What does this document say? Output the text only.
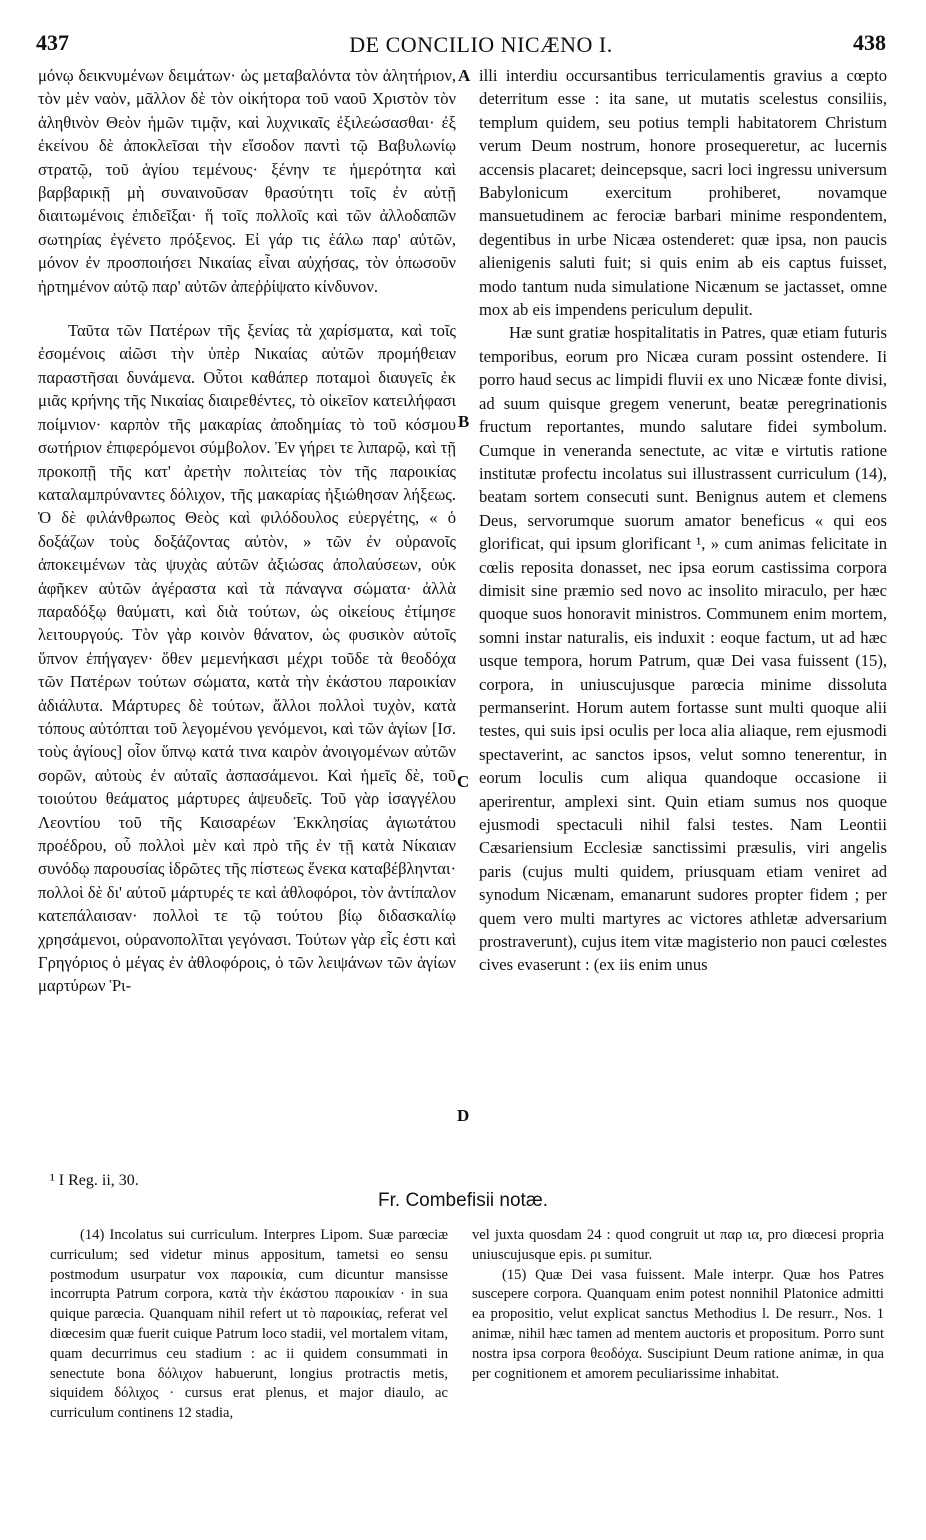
437	DE CONCILIO NICÆNO I.	438

μόνῳ δεικνυμένων δειμάτων· ὡς μεταβαλόντα τὸν ἀλητήριον, τὸν μὲν ναὸν, μᾶλλον δὲ τὸν οἰκήτορα τοῦ ναοῦ Χριστὸν τὸν ἀληθινὸν Θεὸν ἡμῶν τιμᾷν, καὶ λυχνικαῖς ἐξιλεώσασθαι· ἐξ ἐκείνου δὲ ἀποκλεῖσαι τὴν εἴσοδον παντὶ τῷ Βαβυλωνίῳ στρατῷ, τοῦ ἁγίου τεμένους· ξένην τε ἡμερότητα καὶ βαρβαρικῇ μὴ συναινοῦσαν θρασύτητι τοῖς ἐν αὐτῇ διαιτωμένοις ἐπιδεῖξαι· ἥ τοῖς πολλοῖς καὶ τῶν ἀλλοδαπῶν σωτηρίας ἐγένετο πρόξενος. Εἰ γάρ τις ἑάλω παρ' αὐτῶν, μόνον ἐν προσποιήσει Νικαίας εἶναι αὐχήσας, τὸν ὁπωσοῦν ἠρτημένον αὐτῷ παρ' αὐτῶν ἀπεῤῥίψατο κίνδυνον.

Ταῦτα τῶν Πατέρων τῆς ξενίας τὰ χαρίσματα, καὶ τοῖς ἐσομένοις αἰῶσι τὴν ὑπὲρ Νικαίας αὐτῶν προμήθειαν παραστῆσαι δυνάμενα. Οὗτοι καθάπερ ποταμοὶ διαυγεῖς ἐκ μιᾶς κρήνης τῆς Νικαίας διαιρεθέντες, τὸ οἰκεῖον κατειλήφασι ποίμνιον· καρπὸν τῆς μακαρίας ἀποδημίας τὸ τοῦ κόσμου σωτήριον ἐπιφερόμενοι σύμβολον. Ἐν γήρει τε λιπαρῷ, καὶ τῇ προκοπῇ τῆς κατ' ἀρετὴν πολιτείας τὸν τῆς παροικίας καταλαμπρύναντες δόλιχον, τῆς μακαρίας ἠξιώθησαν λήξεως. Ὁ δὲ φιλάνθρωπος Θεὸς καὶ φιλόδουλος εὐεργέτης, « ὁ δοξάζων τοὺς δοξάζοντας αὐτὸν, » τῶν ἐν οὐρανοῖς ἀποκειμένων τὰς ψυχὰς αὐτῶν ἀξιώσας ἀπολαύσεων, οὐκ ἀφῆκεν αὐτῶν ἀγέραστα καὶ τὰ πάναγνα σώματα· ἀλλὰ παραδόξῳ θαύματι, καὶ διὰ τούτων, ὡς οἰκείους ἐτίμησε λειτουργούς. Τὸν γὰρ κοινὸν θάνατον, ὡς φυσικὸν αὐτοῖς ὕπνον ἐπήγαγεν· ὅθεν μεμενήκασι μέχρι τοῦδε τὰ θεοδόχα τῶν Πατέρων τούτων σώματα, κατὰ τὴν ἑκάστου παροικίαν ἀδιάλυτα. Μάρτυρες δὲ τούτων, ἄλλοι πολλοὶ τυχὸν, κατὰ τόπους αὐτόπται τοῦ λεγομένου γενόμενοι, καὶ τῶν ἁγίων [Ισ. τοὺς ἁγίους] οἷον ὕπνῳ κατά τινα καιρὸν ἀνοιγομένων αὐτῶν σορῶν, αὐτοὺς ἐν αὐταῖς ἀσπασάμενοι. Καὶ ἡμεῖς δὲ, τοῦ τοιούτου θεάματος μάρτυρες ἀψευδεῖς. Τοῦ γὰρ ἰσαγγέλου Λεοντίου τοῦ τῆς Καισαρέων Ἐκκλησίας ἁγιωτάτου προέδρου, οὗ πολλοὶ μὲν καὶ πρὸ τῆς ἐν τῇ κατὰ Νίκαιαν συνόδῳ παρουσίας ἱδρῶτες τῆς πίστεως ἕνεκα καταβέβληνται· πολλοὶ δὲ δι' αὐτοῦ μάρτυρές τε καὶ ἀθλοφόροι, τὸν ἀντίπαλον κατεπάλαισαν· πολλοὶ τε τῷ τούτου βίῳ διδασκαλίῳ χρησάμενοι, οὐρανοπολῖται γεγόνασι. Τούτων γὰρ εἷς ἐστι καὶ Γρηγόριος ὁ μέγας ἐν ἀθλοφόροις, ὁ τῶν λειψάνων τῶν ἁγίων μαρτύρων Ῥι-

A
B
C
D

illi interdiu occursantibus terriculamentis gravius a cœpto deterritum esse : ita sane, ut mutatis scelestus consiliis, templum quidem, seu potius templi habitatorem Christum verum Deum nostrum, honore prosequeretur, ac lucernis accensis placaret; deincepsque, sacri loci ingressu universum Babylonicum exercitum prohiberet, novamque mansuetudinem ac ferociæ barbari minime respondentem, degentibus in urbe Nicæa ostenderet: quæ ipsa, non paucis alienigenis saluti fuit; si quis enim ab eis captus fuisset, modo tantum nuda simulatione Nicænum se jactasset, omne mox ab eis impendens periculum depulit.

Hæ sunt gratiæ hospitalitatis in Patres, quæ etiam futuris temporibus, eorum pro Nicæa curam possint ostendere. Ii porro haud secus ac limpidi fluvii ex uno Nicææ fonte divisi, ad suum quisque gregem venerunt, beatæ peregrinationis fructum reportantes, mundo salutare fidei symbolum. Cumque in veneranda senectute, ac vitæ e virtutis ratione institutæ profectu incolatus sui illustrassent curriculum (14), beatam sortem consecuti sunt. Benignus autem et clemens Deus, servorumque suorum amator beneficus « qui eos glorificat, qui ipsum glorificant ¹, » cum animas felicitate in cœlis reposita donasset, nec ipsa eorum castissima corpora dimisit sine præmio sed novo ac insolito miraculo, per hæc quoque suos honoravit ministros. Communem enim mortem, somni instar naturalis, eis induxit : eoque factum, ut ad hæc usque tempora, horum Patrum, quæ Dei vasa fuissent (15), corpora, in uniuscujusque parœcia minime dissoluta permanserint. Horum autem fortasse sunt multi quoque alii testes, qui suis ipsi oculis per loca alia aliaque, rem ejusmodi spectaverint, ac sanctos ipsos, velut somno tenerentur, in eorum loculis cum aliqua quandoque occasione ii aperirentur, amplexi sint. Quin etiam sumus nos quoque ejusmodi spectaculi nihil falsi testes. Nam Leontii Cæsariensium Ecclesiæ sanctissimi præsulis, viri angelis paris (cujus multi quidem, priusquam etiam veniret ad synodum Nicænam, emanarunt sudores propter fidem ; per quem vero multi martyres ac victores athletæ adversarium prostraverunt), cujus item vitæ magisterio non pauci cœlestes cives evaserunt : (ex iis enim unus

¹ I Reg. ii, 30.
Fr. Combefisii notæ.

(14) Incolatus sui curriculum. Interpres Lipom. Suæ parœciæ curriculum; sed videtur minus appositum, tametsi eo sensu postmodum usurpatur vox παροικία, cum dicuntur mansisse incorrupta Patrum corpora, κατὰ τὴν ἑκάστου παροικίαν · in sua quique parœcia. Quanquam nihil refert ut τὸ παροικίας, referat vel diœcesim quæ fuerit cuique Patrum loco stadii, vel mortalem vitam, quam decurrimus ceu stadium : ac ii quidem consummati in senectute bona δόλιχον habuerunt, longius protractis metis, siquidem δόλιχος · cursus erat plenus, et major diaulo, ac curriculum continens 12 stadia,

vel juxta quosdam 24 : quod congruit ut παρ ια, pro diœcesi propria uniuscujusque epis. ρι sumitur.

(15) Quæ Dei vasa fuissent. Male interpr. Quæ hos Patres suscepere corpora. Quanquam enim potest nonnihil Platonice admitti ea propositio, velut explicat sanctus Methodius l. De resurr., Nos. 1 animæ, nihil hæc tamen ad mentem auctoris et propositum. Porro sunt nostra ipsa corpora θεοδόχα. Suscipiunt Deum ratione animæ, in qua per cognitionem et amorem peculiarissime inhabitat.
